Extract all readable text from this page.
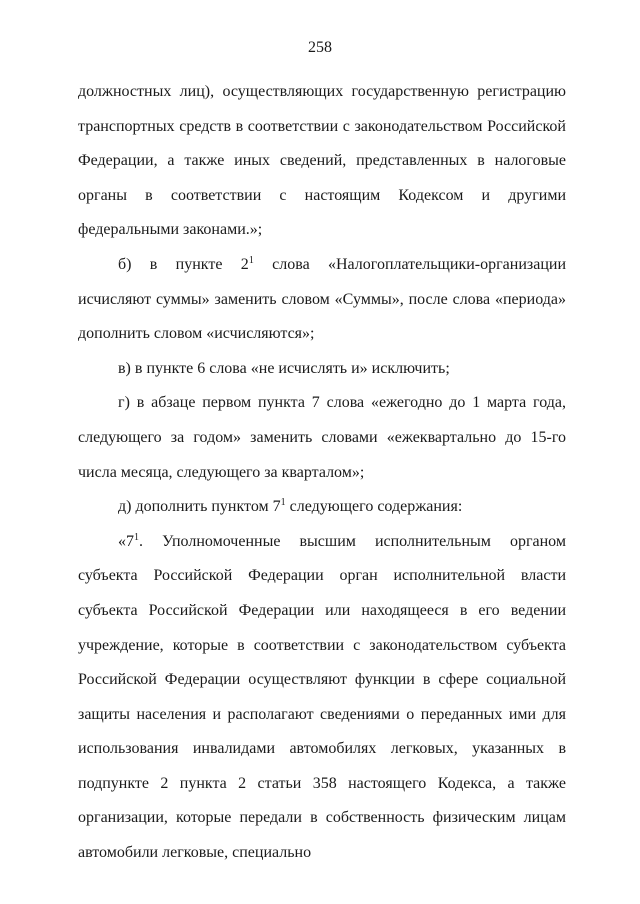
258

должностных лиц), осуществляющих государственную регистрацию транспортных средств в соответствии с законодательством Российской Федерации, а также иных сведений, представленных в налоговые органы в соответствии с настоящим Кодексом и другими федеральными законами.»;

б) в пункте $2^1$ слова «Налогоплательщики-организации исчисляют суммы» заменить словом «Суммы», после слова «периода» дополнить словом «исчисляются»;

в) в пункте 6 слова «не исчислять и» исключить;

г) в абзаце первом пункта 7 слова «ежегодно до 1 марта года, следующего за годом» заменить словами «ежеквартально до 15-го числа месяца, следующего за кварталом»;

д) дополнить пунктом $7^1$ следующего содержания:

«$7^1$. Уполномоченные высшим исполнительным органом субъекта Российской Федерации орган исполнительной власти субъекта Российской Федерации или находящееся в его ведении учреждение, которые в соответствии с законодательством субъекта Российской Федерации осуществляют функции в сфере социальной защиты населения и располагают сведениями о переданных ими для использования инвалидами автомобилях легковых, указанных в подпункте 2 пункта 2 статьи 358 настоящего Кодекса, а также организации, которые передали в собственность физическим лицам автомобили легковые, специально
